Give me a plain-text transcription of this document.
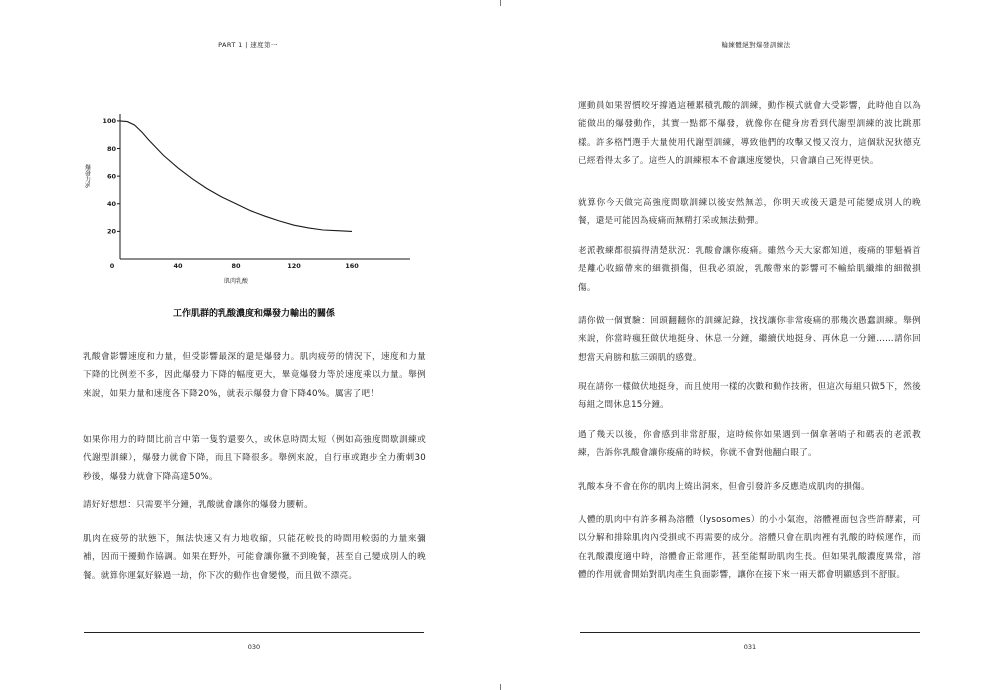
PART 1 | 速度第一
0	40	80	120	160
20
40
60
80
100
肌肉乳酸
爆發力%
工作肌群的乳酸濃度和爆發力輸出的關係
乳酸會影響速度和力量，但受影響最深的還是爆發力。肌肉疲勞的情況下，速度和力量下降的比例差不多，因此爆發力下降的幅度更大，畢竟爆發力等於速度乘以力量。舉例來說，如果力量和速度各下降20%，就表示爆發力會下降40%。厲害了吧！
如果你用力的時間比前言中第一隻豹還要久，或休息時間太短（例如高強度間歇訓練或代謝型訓練），爆發力就會下降，而且下降很多。舉例來說，自行車或跑步全力衝刺30秒後，爆發力就會下降高達50%。
請好好想想：只需要半分鐘，乳酸就會讓你的爆發力腰斬。
肌肉在疲勞的狀態下，無法快速又有力地收縮，只能花較長的時間用較弱的力量來彌補，因而干擾動作協調。如果在野外，可能會讓你獵不到晚餐，甚至自己變成別人的晚餐。就算你運氣好躲過一劫，你下次的動作也會變慢，而且做不漂亮。
030
輪練體絕對爆發訓練法
運動員如果習慣咬牙撐過這種累積乳酸的訓練，動作模式就會大受影響，此時他自以為能做出的爆發動作，其實一點都不爆發，就像你在健身房看到代謝型訓練的波比跳那樣。許多格鬥選手大量使用代謝型訓練，導致他們的攻擊又慢又沒力，這個狀況狄德克已經看得太多了。這些人的訓練根本不會讓速度變快，只會讓自己死得更快。
就算你今天做完高強度間歇訓練以後安然無恙，你明天或後天還是可能變成別人的晚餐，還是可能因為疲痛而無精打采或無法動彈。
老派教練都很搞得清楚狀況：乳酸會讓你痠痛。雖然今天大家都知道，痠痛的罪魁禍首是離心收縮帶來的細微損傷，但我必須說，乳酸帶來的影響可不輸給肌纖維的細微損傷。
請你做一個實驗：回頭翻翻你的訓練記錄，找找讓你非常痠痛的那幾次愚蠢訓練。舉例來說，你當時瘋狂做伏地挺身、休息一分鐘，繼續伏地挺身、再休息一分鐘……請你回想當天肩膀和肱三頭肌的感覺。
現在請你一樣做伏地挺身，而且使用一樣的次數和動作技術，但這次每組只做5下，然後每組之間休息15分鐘。
過了幾天以後，你會感到非常舒服，這時候你如果遇到一個拿著哨子和碼表的老派教練，告訴你乳酸會讓你痠痛的時候，你就不會對他翻白眼了。
乳酸本身不會在你的肌肉上燒出洞來，但會引發許多反應造成肌肉的損傷。
人體的肌肉中有許多稱為溶體（lysosomes）的小小氣泡，溶體裡面包含些許酵素，可以分解和排除肌肉內受損或不再需要的成分。溶體只會在肌肉裡有乳酸的時候運作，而在乳酸濃度適中時，溶體會正常運作，甚至能幫助肌肉生長。但如果乳酸濃度異常，溶體的作用就會開始對肌肉產生負面影響，讓你在接下來一兩天都會明顯感到不舒服。
031
